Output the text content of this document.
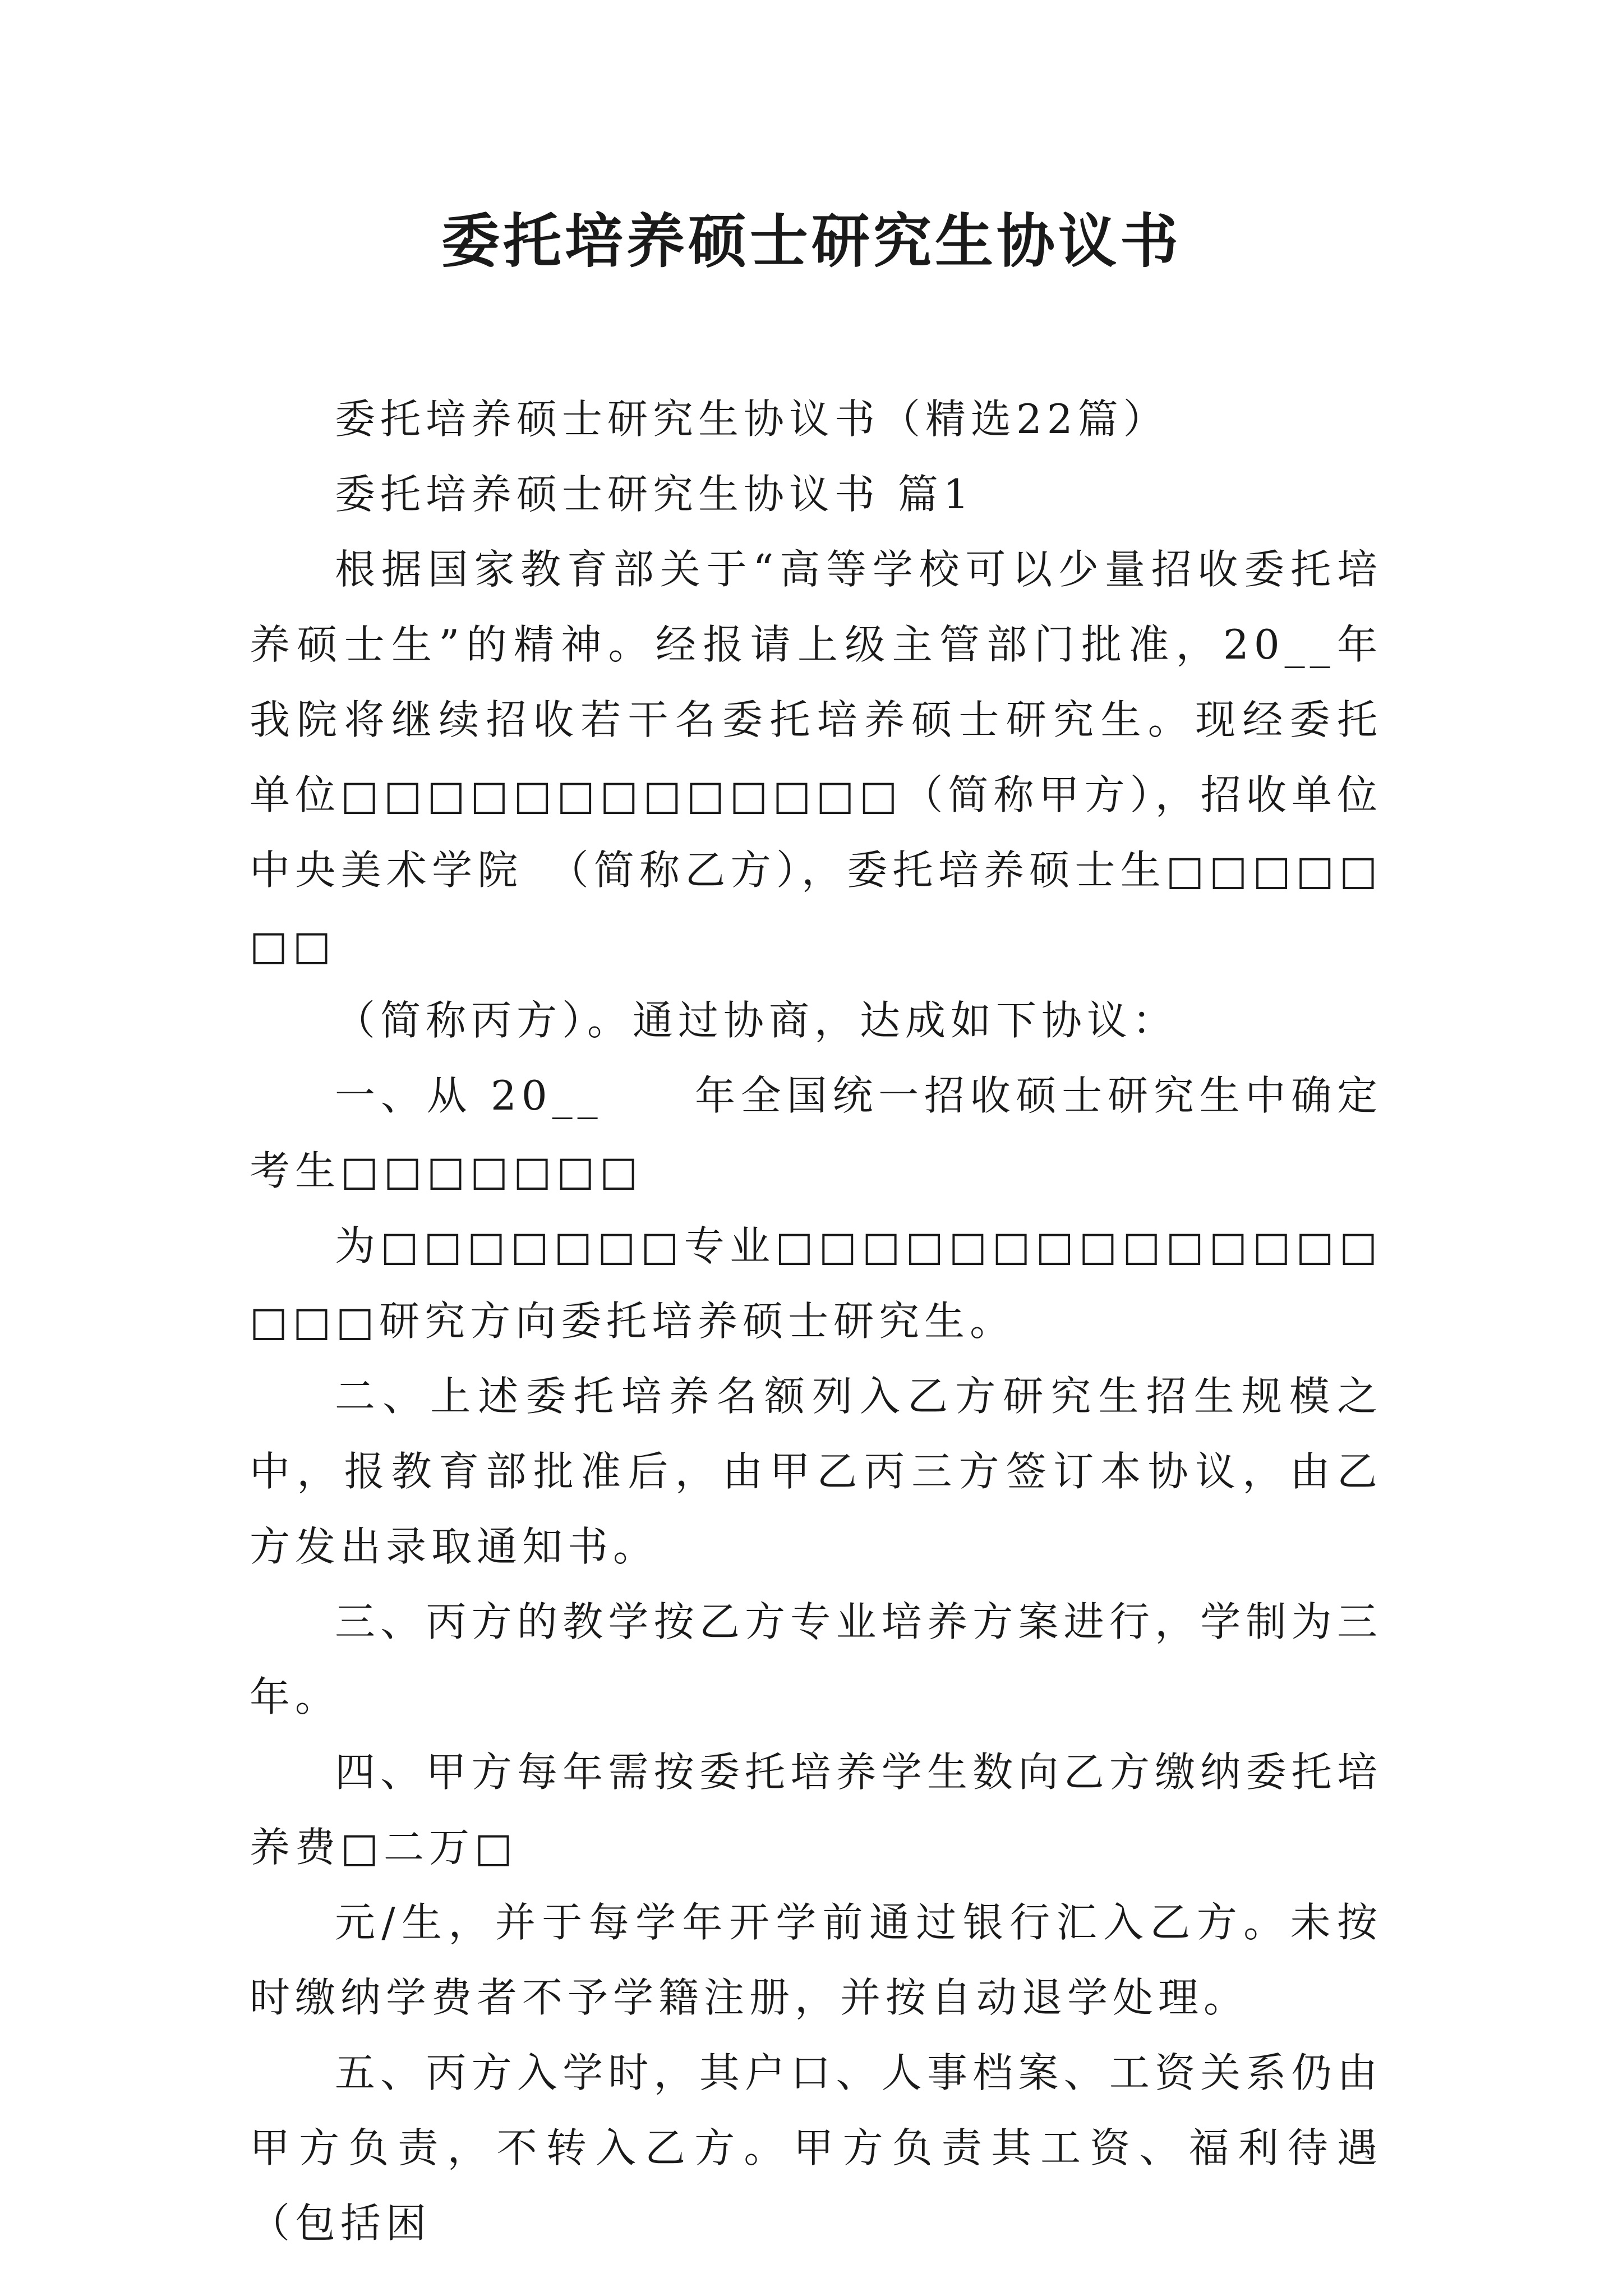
委托培养硕士研究生协议书

委托培养硕士研究生协议书（精选22篇）

委托培养硕士研究生协议书 篇1

根据国家教育部关于“高等学校可以少量招收委托培养硕士生”的精神。经报请上级主管部门批准，20__年我院将继续招收若干名委托培养硕士研究生。现经委托单位□□□□□□□□□□□□□（简称甲方），招收单位　　中央美术学院　（简称乙方），委托培养硕士生□□□□□□□

（简称丙方）。通过协商，达成如下协议：

一、从 20__　　年全国统一招收硕士研究生中确定考生□□□□□□□

为□□□□□□□专业□□□□□□□□□□□□□□□□□研究方向委托培养硕士研究生。

二、上述委托培养名额列入乙方研究生招生规模之中，报教育部批准后，由甲乙丙三方签订本协议，由乙方发出录取通知书。

三、丙方的教学按乙方专业培养方案进行，学制为三年。

四、甲方每年需按委托培养学生数向乙方缴纳委托培养费□二万□

元/生，并于每学年开学前通过银行汇入乙方。未按时缴纳学费者不予学籍注册，并按自动退学处理。

五、丙方入学时，其户口、人事档案、工资关系仍由甲方负责，不转入乙方。甲方负责其工资、福利待遇（包括困
